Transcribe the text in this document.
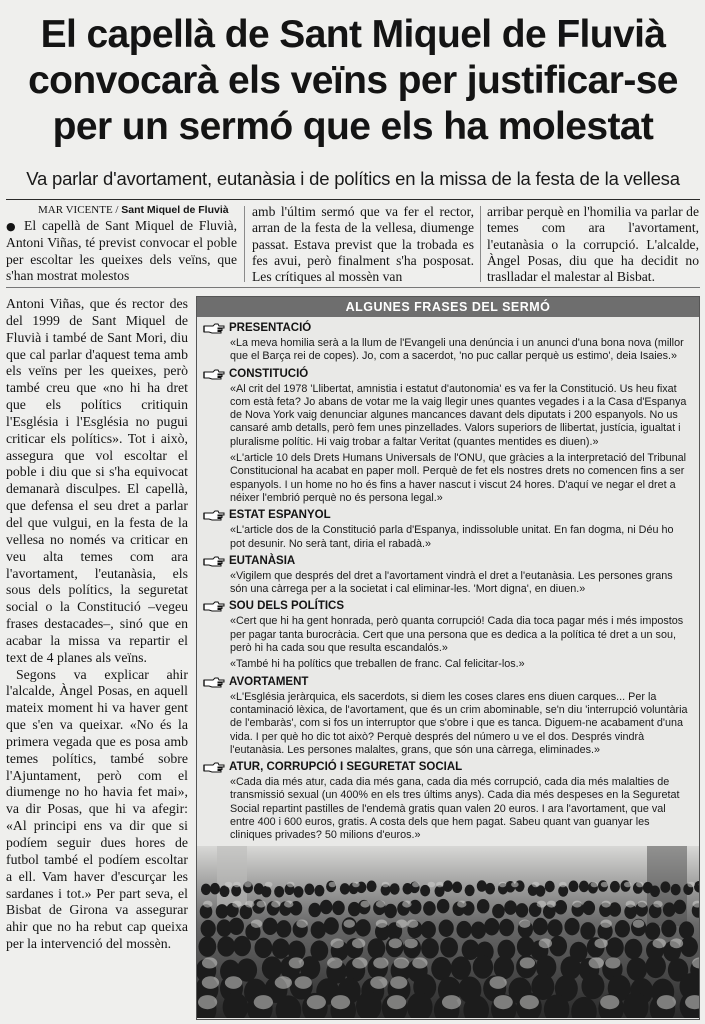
El capellà de Sant Miquel de Fluvià convocarà els veïns per justificar-se per un sermó que els ha molestat

Va parlar d'avortament, eutanàsia i de polítics en la missa de la festa de la vellesa

MAR VICENTE / Sant Miquel de Fluvià

● El capellà de Sant Miquel de Fluvià, Antoni Viñas, té previst convocar el poble per escoltar les queixes dels veïns, que s'han mostrat molestos

amb l'últim sermó que va fer el rector, arran de la festa de la vellesa, diumenge passat. Estava previst que la trobada es fes avui, però finalment s'ha posposat. Les crítiques al mossèn van

arribar perquè en l'homilia va parlar de temes com ara l'avortament, l'eutanàsia o la corrupció. L'alcalde, Àngel Posas, diu que ha decidit no traslladar el malestar al Bisbat.

Antoni Viñas, que és rector des del 1999 de Sant Miquel de Fluvià i també de Sant Mori, diu que cal parlar d'aquest tema amb els veïns per les queixes, però també creu que «no hi ha dret que els polítics critiquin l'Església i l'Església no pugui criticar els polítics». Tot i això, assegura que vol escoltar el poble i diu que si s'ha equivocat demanarà disculpes. El capellà, que defensa el seu dret a parlar del que vulgui, en la festa de la vellesa no només va criticar en veu alta temes com ara l'avortament, l'eutanàsia, els sous dels polítics, la seguretat social o la Constitució –vegeu frases destacades–, sinó que en acabar la missa va repartir el text de 4 planes als veïns.

Segons va explicar ahir l'alcalde, Àngel Posas, en aquell mateix moment hi va haver gent que s'en va queixar. «No és la primera vegada que es posa amb temes polítics, també sobre l'Ajuntament, però com el diumenge no ho havia fet mai», va dir Posas, que hi va afegir: «Al principi ens va dir que si podíem seguir dues hores de futbol també el podíem escoltar a ell. Vam haver d'escurçar les sardanes i tot.» Per part seva, el Bisbat de Girona va assegurar ahir que no ha rebut cap queixa per la intervenció del mossèn.

ALGUNES FRASES DEL SERMÓ
PRESENTACIÓ

«La meva homilia serà a la llum de l'Evangeli una denúncia i un anunci d'una bona nova (millor que el Barça rei de copes). Jo, com a sacerdot, 'no puc callar perquè us estimo', deia Isaies.»

CONSTITUCIÓ

«Al crit del 1978 'Llibertat, amnistia i estatut d'autonomia' es va fer la Constitució. Us heu fixat com està feta? Jo abans de votar me la vaig llegir unes quantes vegades i a la Casa d'Espanya de Nova York vaig denunciar algunes mancances davant dels diputats i 200 espanyols. No us cansaré amb detalls, però fem unes pinzellades. Valors superiors de llibertat, justícia, igualtat i pluralisme polític. Hi vaig trobar a faltar Veritat (quantes mentides es diuen).»

«L'article 10 dels Drets Humans Universals de l'ONU, que gràcies a la interpretació del Tribunal Constitucional ha acabat en paper moll. Perquè de fet els nostres drets no comencen fins a ser espanyols. I un home no ho és fins a haver nascut i viscut 24 hores. D'aquí ve negar el dret a néixer l'embrió perquè no és persona legal.»

ESTAT ESPANYOL

«L'article dos de la Constitució parla d'Espanya, indissoluble unitat. En fan dogma, ni Déu ho pot desunir. No serà tant, diria el rabadà.»

EUTANÀSIA

«Vigilem que després del dret a l'avortament vindrà el dret a l'eutanàsia. Les persones grans són una càrrega per a la societat i cal eliminar-les. 'Mort digna', en diuen.»

SOU DELS POLÍTICS

«Cert que hi ha gent honrada, però quanta corrupció! Cada dia toca pagar més i més impostos per pagar tanta burocràcia. Cert que una persona que es dedica a la política té dret a un sou, però hi ha cada sou que resulta escandalós.»

«També hi ha polítics que treballen de franc. Cal felicitar-los.»

AVORTAMENT

«L'Església jeràrquica, els sacerdots, si diem les coses clares ens diuen carques... Per la contaminació lèxica, de l'avortament, que és un crim abominable, se'n diu 'interrupció voluntària de l'embaràs', com si fos un interruptor que s'obre i que es tanca. Diguem-ne acabament d'una vida. I per què ho dic tot això? Perquè després del número u ve el dos. Després vindrà l'eutanàsia. Les persones malaltes, grans, que són una càrrega, eliminades.»

ATUR, CORRUPCIÓ I SEGURETAT SOCIAL

«Cada dia més atur, cada dia més gana, cada dia més corrupció, cada dia més malalties de transmissió sexual (un 400% en els tres últims anys). Cada dia més despeses en la Seguretat Social repartint pastilles de l'endemà gratis quan valen 20 euros. I ara l'avortament, que val entre 400 i 600 euros, gratis. A costa dels que hem pagat. Sabeu quant van guanyar les cliniques privades? 50 milions d'euros.»
